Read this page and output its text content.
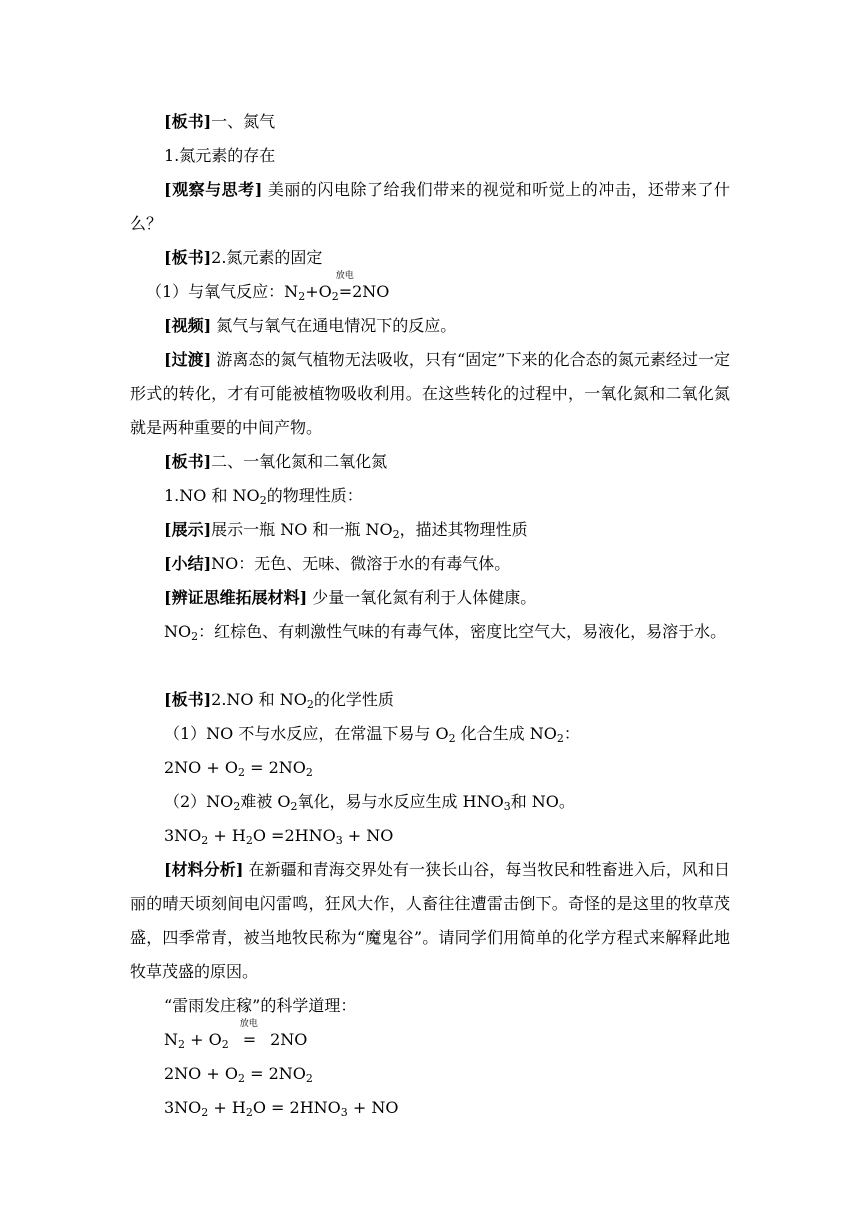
[板书]一、氮气
1.氮元素的存在
[观察与思考] 美丽的闪电除了给我们带来的视觉和听觉上的冲击，还带来了什么？
[板书]2.氮元素的固定
（1）与氧气反应：$N_2+O_2$
放电
=2NO
[视频] 氮气与氧气在通电情况下的反应。
[过渡] 游离态的氮气植物无法吸收，只有“固定”下来的化合态的氮元素经过一定形式的转化，才有可能被植物吸收利用。在这些转化的过程中，一氧化氮和二氧化氮就是两种重要的中间产物。
[板书]二、一氧化氮和二氧化氮
1.NO 和 $NO_2$的物理性质：
[展示]展示一瓶 NO 和一瓶 $NO_2$，描述其物理性质
[小结]NO：无色、无味、微溶于水的有毒气体。
[辨证思维拓展材料] 少量一氧化氮有利于人体健康。
$NO_2$：红棕色、有刺激性气味的有毒气体，密度比空气大，易液化，易溶于水。
[板书]2.NO 和 $NO_2$的化学性质
（1）NO 不与水反应，在常温下易与 $O_2$ 化合生成 $NO_2$：
$2NO + O_2 = 2NO_2$
$(2)NO_2$难被 $O_2$氧化，易与水反应生成 $HNO_3$和 NO。
$3NO_2 + H_2O =2HNO_3$ + NO
[材料分析] 在新疆和青海交界处有一狭长山谷，每当牧民和牲畜进入后，风和日丽的晴天顷刻间电闪雷鸣，狂风大作，人畜往往遭雷击倒下。奇怪的是这里的牧草茂盛，四季常青，被当地牧民称为“魔鬼谷”。请同学们用简单的化学方程式来解释此地牧草茂盛的原因。
“雷雨发庄稼”的科学道理：
$N_2 + O_2$
放电
= 2NO
$2NO + O_2 = 2NO_2$
$3NO_2 + H_2O = 2HNO_3$ + NO
